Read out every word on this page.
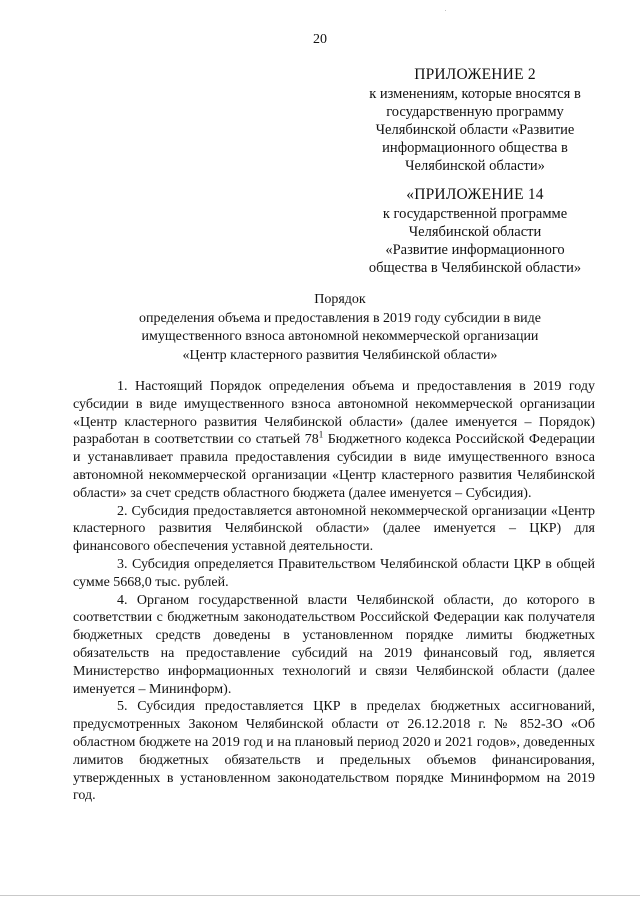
20
ПРИЛОЖЕНИЕ 2
к изменениям, которые вносятся в
государственную программу
Челябинской области «Развитие
информационного общества в
Челябинской области»
«ПРИЛОЖЕНИЕ 14
к государственной программе
Челябинской области
«Развитие информационного
общества в Челябинской области»
Порядок
определения объема и предоставления в 2019 году субсидии в виде
имущественного взноса автономной некоммерческой организации
«Центр кластерного развития Челябинской области»

1. Настоящий Порядок определения объема и предоставления в 2019 году субсидии в виде имущественного взноса автономной некоммерческой организации «Центр кластерного развития Челябинской области» (далее именуется – Порядок) разработан в соответствии со статьей $78^1$ Бюджетного кодекса Российской Федерации и устанавливает правила предоставления субсидии в виде имущественного взноса автономной некоммерческой организации «Центр кластерного развития Челябинской области» за счет средств областного бюджета (далее именуется – Субсидия).

2. Субсидия предоставляется автономной некоммерческой организации «Центр кластерного развития Челябинской области» (далее именуется – ЦКР) для финансового обеспечения уставной деятельности.

3. Субсидия определяется Правительством Челябинской области ЦКР в общей сумме 5668,0 тыс. рублей.

4. Органом государственной власти Челябинской области, до которого в соответствии с бюджетным законодательством Российской Федерации как получателя бюджетных средств доведены в установленном порядке лимиты бюджетных обязательств на предоставление субсидий на 2019 финансовый год, является Министерство информационных технологий и связи Челябинской области (далее именуется – Мининформ).

5. Субсидия предоставляется ЦКР в пределах бюджетных ассигнований, предусмотренных Законом Челябинской области от 26.12.2018 г. № 852-ЗО «Об областном бюджете на 2019 год и на плановый период 2020 и 2021 годов», доведенных лимитов бюджетных обязательств и предельных объемов финансирования, утвержденных в установленном законодательством порядке Мининформом на 2019 год.
